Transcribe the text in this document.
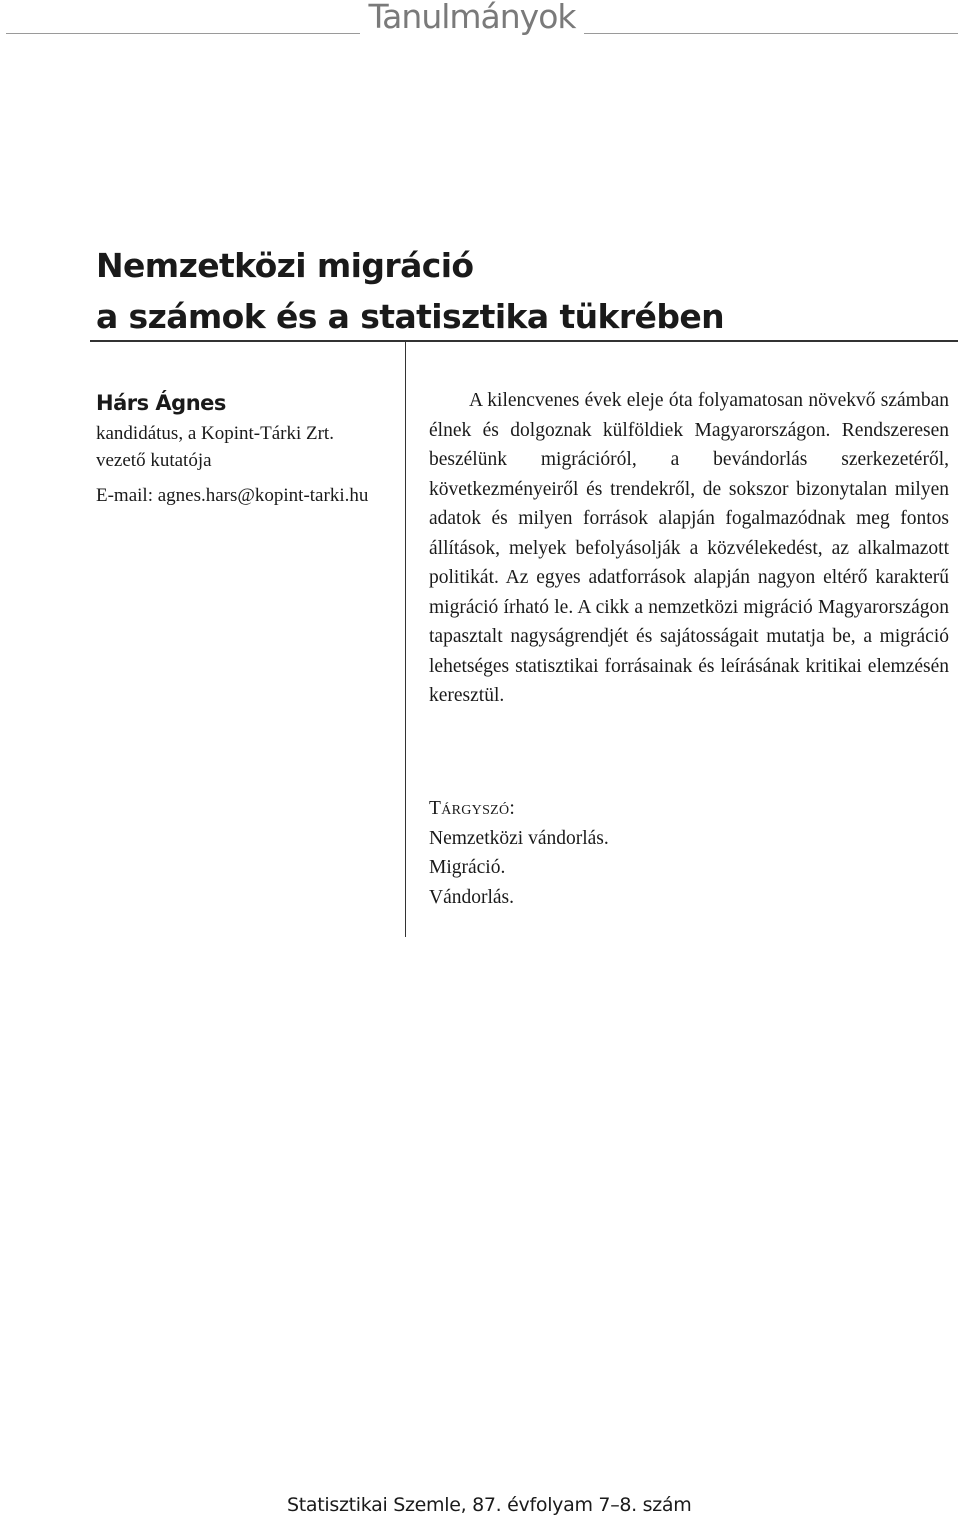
Tanulmányok
Nemzetközi migráció
a számok és a statisztika tükrében
Hárs Ágnes
kandidátus, a Kopint-Tárki Zrt.
vezető kutatója
E-mail: agnes.hars@kopint-tarki.hu

A kilencvenes évek eleje óta folyamatosan növekvő számban élnek és dolgoznak külföldiek Magyarországon. Rendszeresen beszélünk migrációról, a bevándorlás szerkezetéről, következményeiről és trendekről, de sokszor bizonytalan milyen adatok és milyen források alapján fogalmazódnak meg fontos állítások, melyek befolyásolják a közvélekedést, az alkalmazott politikát. Az egyes adatforrások alapján nagyon eltérő karakterű migráció írható le. A cikk a nemzetközi migráció Magyarországon tapasztalt nagyságrendjét és sajátosságait mutatja be, a migráció lehetséges statisztikai forrásainak és leírásának kritikai elemzésén keresztül.

Tárgyszó:
Nemzetközi vándorlás.
Migráció.
Vándorlás.
Statisztikai Szemle, 87. évfolyam 7–8. szám
